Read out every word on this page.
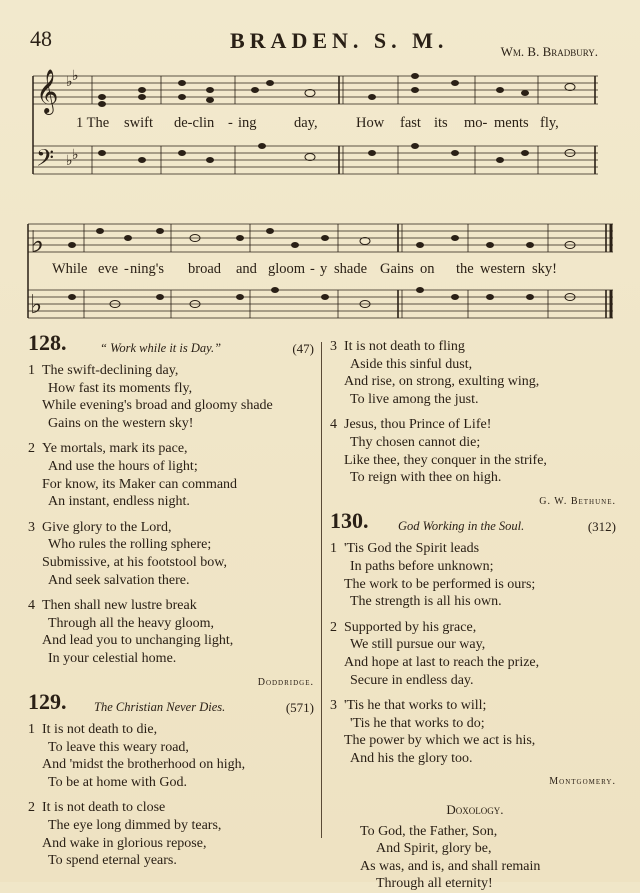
48	BRADEN. S. M.	Wm. B. Bradbury.
𝄞
𝄢
♭
♭
♭ ♭
♭ ♭
1 The swift de-clin - ing	day,	How fast its mo- ments fly,
While eve -ning's broad and gloom - y shade Gains on the western sky!
128.	“ Work while it is Day.”	(47)
1 The swift-declining day,
How fast its moments fly,
While evening's broad and gloomy shade
Gains on the western sky!
2 Ye mortals, mark its pace,
And use the hours of light;
For know, its Maker can command
An instant, endless night.
3 Give glory to the Lord,
Who rules the rolling sphere;
Submissive, at his footstool bow,
And seek salvation there.
4 Then shall new lustre break
Through all the heavy gloom,
And lead you to unchanging light,
In your celestial home.
Doddridge.
129. The Christian Never Dies.	(571)
1 It is not death to die,
To leave this weary road,
And 'midst the brotherhood on high,
To be at home with God.
2 It is not death to close
The eye long dimmed by tears,
And wake in glorious repose,
To spend eternal years.
3 It is not death to fling
Aside this sinful dust,
And rise, on strong, exulting wing,
To live among the just.
4 Jesus, thou Prince of Life!
Thy chosen cannot die;
Like thee, they conquer in the strife,
To reign with thee on high.
G. W. Bethune.
130. God Working in the Soul.	(312)
1 'Tis God the Spirit leads
In paths before unknown;
The work to be performed is ours;
The strength is all his own.
2 Supported by his grace,
We still pursue our way,
And hope at last to reach the prize,
Secure in endless day.
3 'Tis he that works to will;
'Tis he that works to do;
The power by which we act is his,
And his the glory too.
Montgomery.
Doxology.
To God, the Father, Son,
And Spirit, glory be,
As was, and is, and shall remain
Through all eternity!
